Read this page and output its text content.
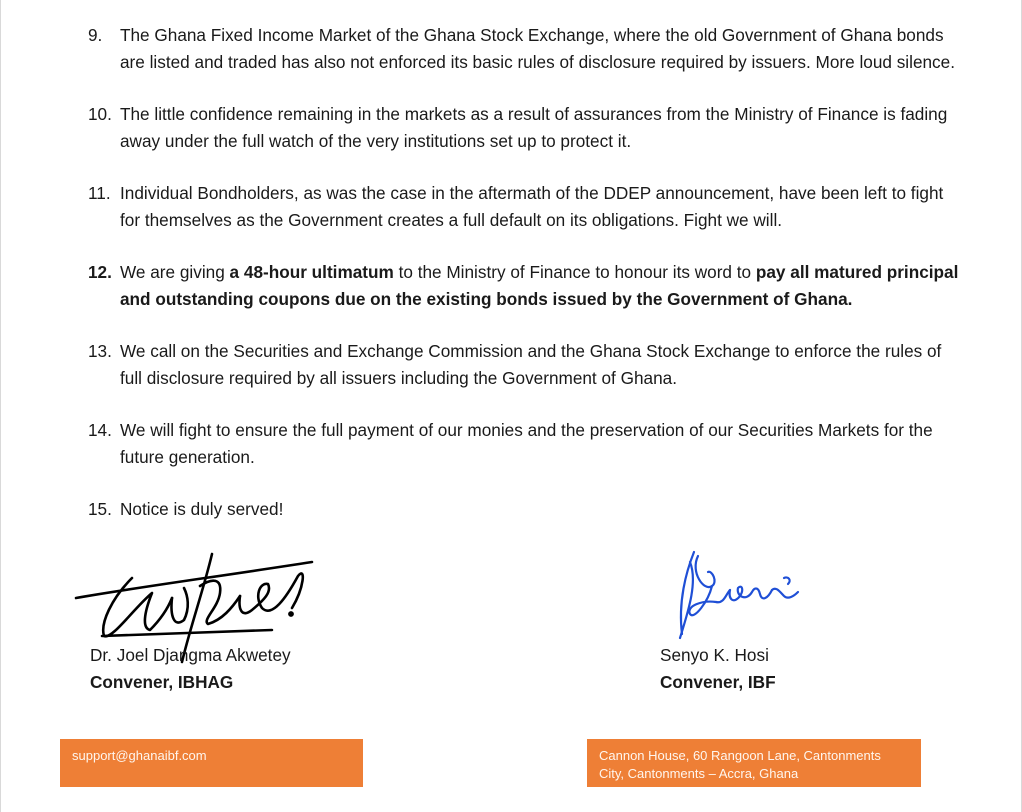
9. The Ghana Fixed Income Market of the Ghana Stock Exchange, where the old Government of Ghana bonds are listed and traded has also not enforced its basic rules of disclosure required by issuers. More loud silence.
10. The little confidence remaining in the markets as a result of assurances from the Ministry of Finance is fading away under the full watch of the very institutions set up to protect it.
11. Individual Bondholders, as was the case in the aftermath of the DDEP announcement, have been left to fight for themselves as the Government creates a full default on its obligations. Fight we will.
12. We are giving a 48-hour ultimatum to the Ministry of Finance to honour its word to pay all matured principal and outstanding coupons due on the existing bonds issued by the Government of Ghana.
13. We call on the Securities and Exchange Commission and the Ghana Stock Exchange to enforce the rules of full disclosure required by all issuers including the Government of Ghana.
14. We will fight to ensure the full payment of our monies and the preservation of our Securities Markets for the future generation.
15. Notice is duly served!
Dr. Joel Djangma Akwetey
Convener, IBHAG
Senyo K. Hosi
Convener, IBF
support@ghanaibf.com	Cannon House, 60 Rangoon Lane, Cantonments City, Cantonments – Accra, Ghana
